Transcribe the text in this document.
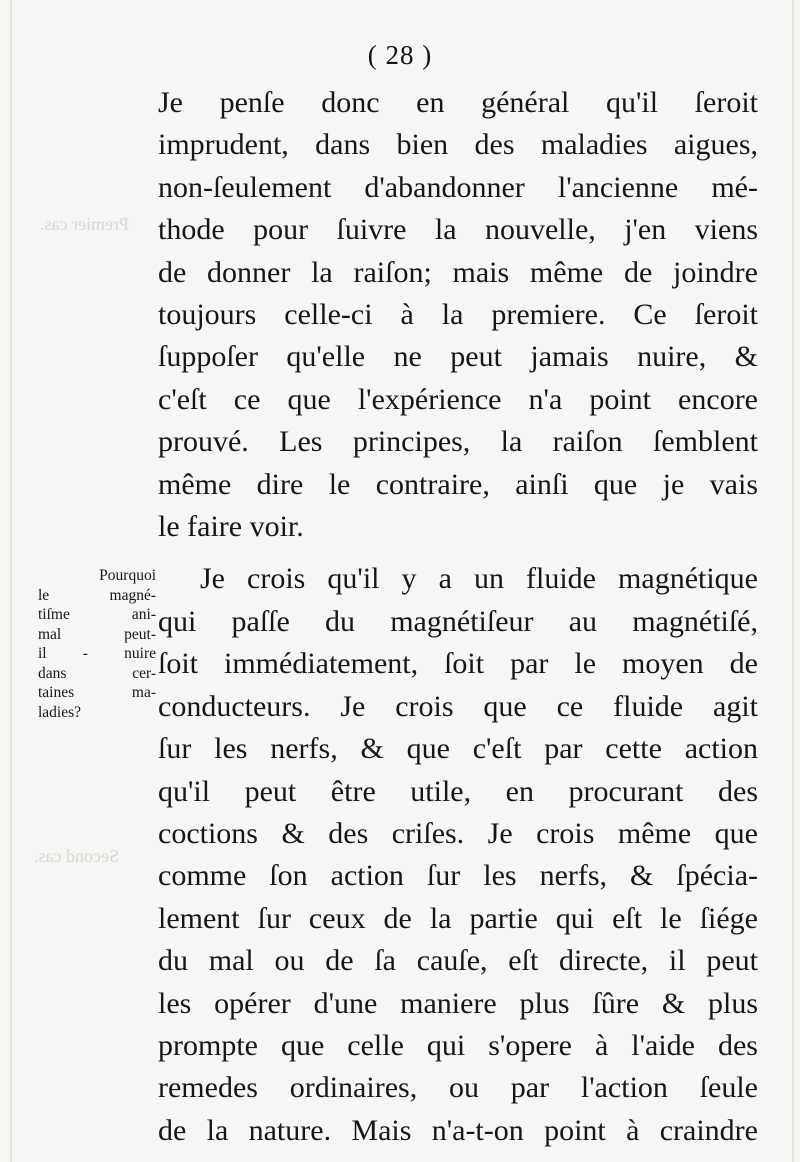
Premier cas.
Second cas.
( 28 )
Je penſe donc en général qu'il ſeroit
imprudent, dans bien des maladies aigues,
non-ſeulement d'abandonner l'ancienne mé-
thode pour ſuivre la nouvelle, j'en viens
de donner la raiſon; mais même de joindre
toujours celle-ci à la premiere. Ce ſeroit
ſuppoſer qu'elle ne peut jamais nuire, &
c'eſt ce que l'expérience n'a point encore
prouvé. Les principes, la raiſon ſemblent
même dire le contraire, ainſi que je vais
le faire voir.
Je crois qu'il y a un fluide magnétique
qui paſſe du magnétiſeur au magnétiſé,
ſoit immédiatement, ſoit par le moyen de
conducteurs. Je crois que ce fluide agit
ſur les nerfs, & que c'eſt par cette action
qu'il peut être utile, en procurant des
coctions & des criſes. Je crois même que
comme ſon action ſur les nerfs, & ſpécia-
lement ſur ceux de la partie qui eſt le ſiége
du mal ou de ſa cauſe, eſt directe, il peut
les opérer d'une maniere plus ſûre & plus
prompte que celle qui s'opere à l'aide des
remedes ordinaires, ou par l'action ſeule
de la nature. Mais n'a-t-on point à craindre
Pourquoi
le magné-
tiſme ani-
mal peut-
il - nuire
dans cer-
taines ma-
ladies?
